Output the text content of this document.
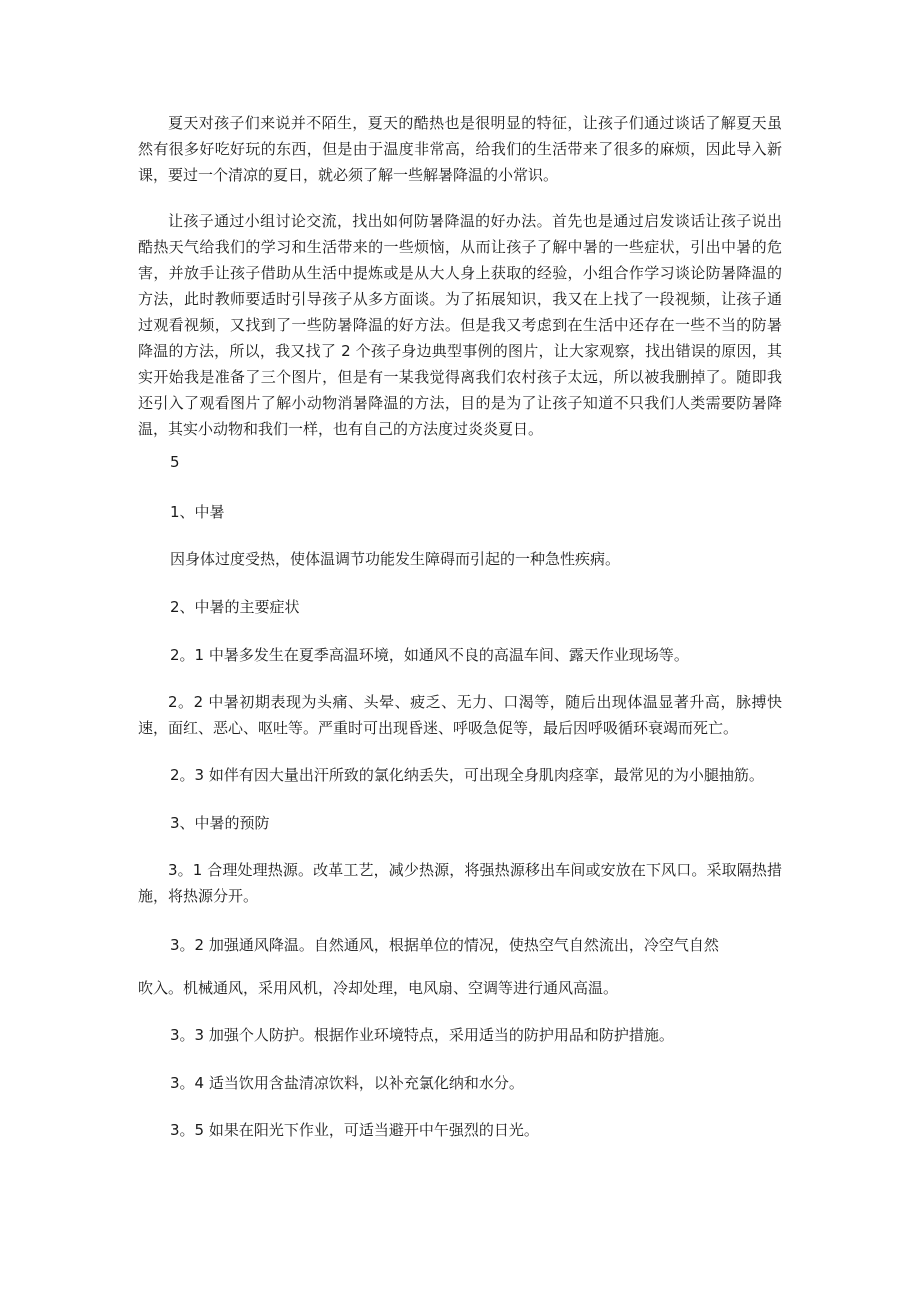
夏天对孩子们来说并不陌生，夏天的酷热也是很明显的特征，让孩子们通过谈话了解夏天虽然有很多好吃好玩的东西，但是由于温度非常高，给我们的生活带来了很多的麻烦，因此导入新课，要过一个清凉的夏日，就必须了解一些解暑降温的小常识。

让孩子通过小组讨论交流，找出如何防暑降温的好办法。首先也是通过启发谈话让孩子说出酷热天气给我们的学习和生活带来的一些烦恼，从而让孩子了解中暑的一些症状，引出中暑的危害，并放手让孩子借助从生活中提炼或是从大人身上获取的经验，小组合作学习谈论防暑降温的方法，此时教师要适时引导孩子从多方面谈。为了拓展知识，我又在上找了一段视频，让孩子通过观看视频，又找到了一些防暑降温的好方法。但是我又考虑到在生活中还存在一些不当的防暑降温的方法，所以，我又找了 2 个孩子身边典型事例的图片，让大家观察，找出错误的原因，其实开始我是准备了三个图片，但是有一某我觉得离我们农村孩子太远，所以被我删掉了。随即我还引入了观看图片了解小动物消暑降温的方法，目的是为了让孩子知道不只我们人类需要防暑降温，其实小动物和我们一样，也有自己的方法度过炎炎夏日。

5

1、中暑

因身体过度受热，使体温调节功能发生障碍而引起的一种急性疾病。

2、中暑的主要症状

2。1 中暑多发生在夏季高温环境，如通风不良的高温车间、露天作业现场等。

2。2 中暑初期表现为头痛、头晕、疲乏、无力、口渴等，随后出现体温显著升高，脉搏快速，面红、恶心、呕吐等。严重时可出现昏迷、呼吸急促等，最后因呼吸循环衰竭而死亡。

2。3 如伴有因大量出汗所致的氯化纳丢失，可出现全身肌肉痉挛，最常见的为小腿抽筋。

3、中暑的预防

3。1 合理处理热源。改革工艺，减少热源，将强热源移出车间或安放在下风口。采取隔热措施，将热源分开。

3。2 加强通风降温。自然通风，根据单位的情况，使热空气自然流出，冷空气自然

吹入。机械通风，采用风机，冷却处理，电风扇、空调等进行通风高温。

3。3 加强个人防护。根据作业环境特点，采用适当的防护用品和防护措施。

3。4 适当饮用含盐清凉饮料，以补充氯化纳和水分。

3。5 如果在阳光下作业，可适当避开中午强烈的日光。
